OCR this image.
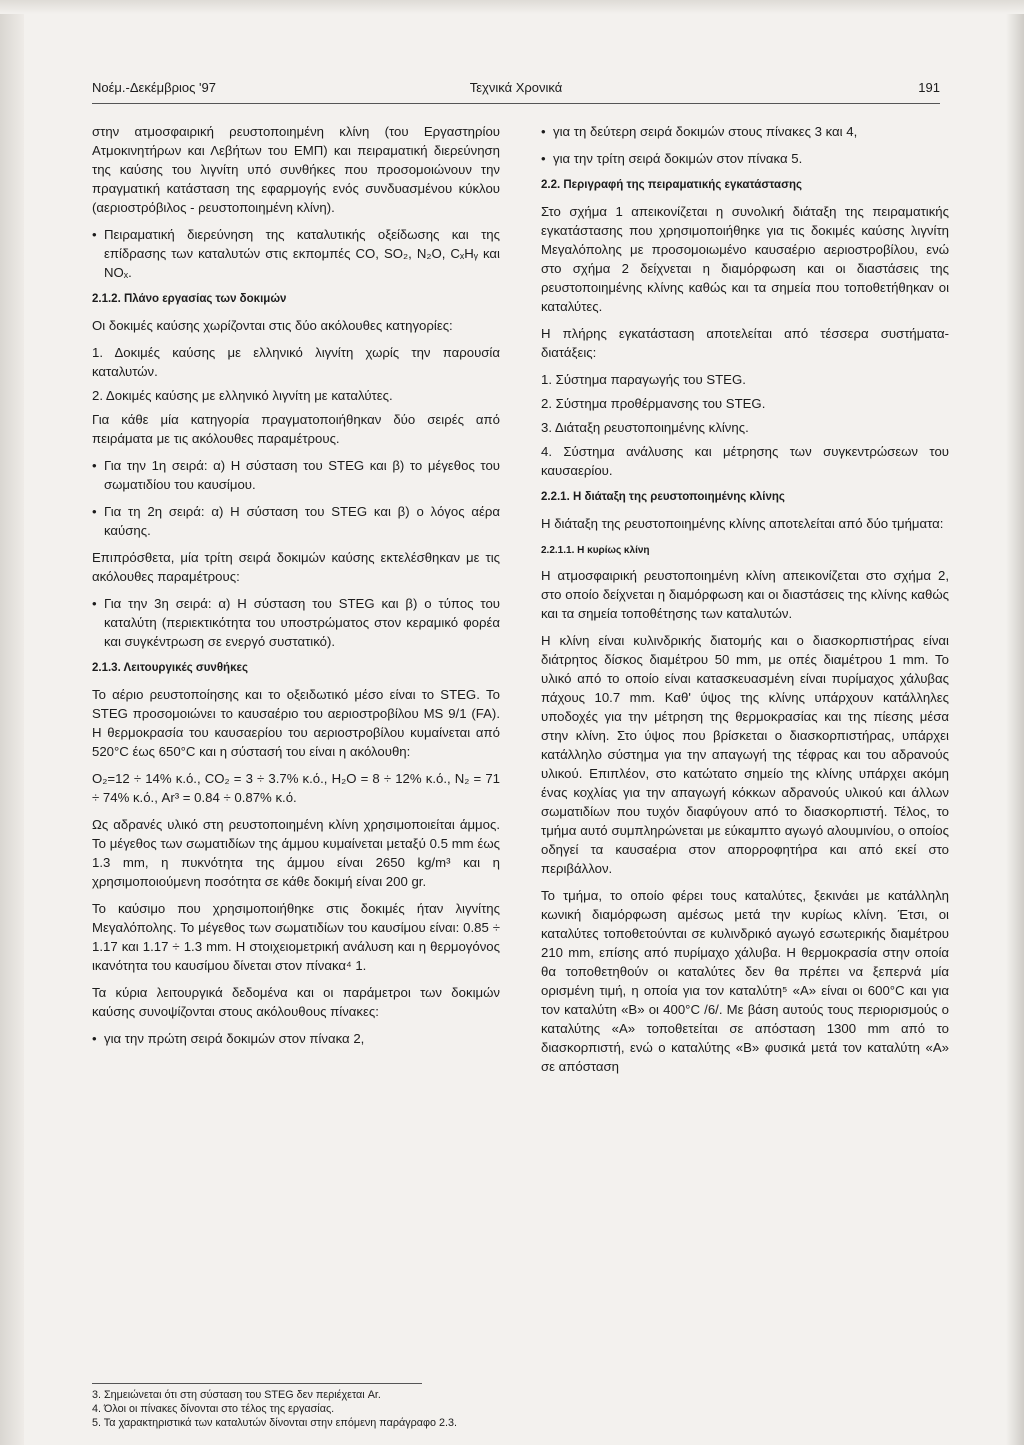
Τεχνικά Χρονικά
Νοέμ.-Δεκέμβριος '97	191

στην ατμοσφαιρική ρευστοποιημένη κλίνη (του Εργαστηρίου Ατμοκινητήρων και Λεβήτων του ΕΜΠ) και πειραματική διερεύνηση της καύσης του λιγνίτη υπό συνθήκες που προσομοιώνουν την πραγματική κατάσταση της εφαρμογής ενός συνδυασμένου κύκλου (αεριοστρόβιλος - ρευστοποιημένη κλίνη).

• Πειραματική διερεύνηση της καταλυτικής οξείδωσης και της επίδρασης των καταλυτών στις εκπομπές CO, SO₂, N₂O, CₓHᵧ και NOₓ.

2.1.2. Πλάνο εργασίας των δοκιμών

Οι δοκιμές καύσης χωρίζονται στις δύο ακόλουθες κατηγορίες:

1. Δοκιμές καύσης με ελληνικό λιγνίτη χωρίς την παρουσία καταλυτών.

2. Δοκιμές καύσης με ελληνικό λιγνίτη με καταλύτες.

Για κάθε μία κατηγορία πραγματοποιήθηκαν δύο σειρές από πειράματα με τις ακόλουθες παραμέτρους.

• Για την 1η σειρά: α) Η σύσταση του STEG και β) το μέγεθος του σωματιδίου του καυσίμου.

• Για τη 2η σειρά: α) Η σύσταση του STEG και β) ο λόγος αέρα καύσης.

Επιπρόσθετα, μία τρίτη σειρά δοκιμών καύσης εκτελέσθηκαν με τις ακόλουθες παραμέτρους:

• Για την 3η σειρά: α) Η σύσταση του STEG και β) ο τύπος του καταλύτη (περιεκτικότητα του υποστρώματος στον κεραμικό φορέα και συγκέντρωση σε ενεργό συστατικό).

2.1.3. Λειτουργικές συνθήκες

Το αέριο ρευστοποίησης και το οξειδωτικό μέσο είναι το STEG. Το STEG προσομοιώνει το καυσαέριο του αεριοστροβίλου MS 9/1 (FA). Η θερμοκρασία του καυσαερίου του αεριοστροβίλου κυμαίνεται από 520°C έως 650°C και η σύστασή του είναι η ακόλουθη:

O₂=12 ÷ 14% κ.ό., CO₂ = 3 ÷ 3.7% κ.ό., H₂O = 8 ÷ 12% κ.ό., N₂ = 71 ÷ 74% κ.ό., Ar³ = 0.84 ÷ 0.87% κ.ό.

Ως αδρανές υλικό στη ρευστοποιημένη κλίνη χρησιμοποιείται άμμος. Το μέγεθος των σωματιδίων της άμμου κυμαίνεται μεταξύ 0.5 mm έως 1.3 mm, η πυκνότητα της άμμου είναι 2650 kg/m³ και η χρησιμοποιούμενη ποσότητα σε κάθε δοκιμή είναι 200 gr.

Το καύσιμο που χρησιμοποιήθηκε στις δοκιμές ήταν λιγνίτης Μεγαλόπολης. Το μέγεθος των σωματιδίων του καυσίμου είναι: 0.85 ÷ 1.17 και 1.17 ÷ 1.3 mm. Η στοιχειομετρική ανάλυση και η θερμογόνος ικανότητα του καυσίμου δίνεται στον πίνακα⁴ 1.

Τα κύρια λειτουργικά δεδομένα και οι παράμετροι των δοκιμών καύσης συνοψίζονται στους ακόλουθους πίνακες:

• για την πρώτη σειρά δοκιμών στον πίνακα 2,

• για τη δεύτερη σειρά δοκιμών στους πίνακες 3 και 4,

• για την τρίτη σειρά δοκιμών στον πίνακα 5.

2.2. Περιγραφή της πειραματικής εγκατάστασης

Στο σχήμα 1 απεικονίζεται η συνολική διάταξη της πειραματικής εγκατάστασης που χρησιμοποιήθηκε για τις δοκιμές καύσης λιγνίτη Μεγαλόπολης με προσομοιωμένο καυσαέριο αεριοστροβίλου, ενώ στο σχήμα 2 δείχνεται η διαμόρφωση και οι διαστάσεις της ρευστοποιημένης κλίνης καθώς και τα σημεία που τοποθετήθηκαν οι καταλύτες.

Η πλήρης εγκατάσταση αποτελείται από τέσσερα συστήματα-διατάξεις:

1. Σύστημα παραγωγής του STEG.

2. Σύστημα προθέρμανσης του STEG.

3. Διάταξη ρευστοποιημένης κλίνης.

4. Σύστημα ανάλυσης και μέτρησης των συγκεντρώσεων του καυσαερίου.

2.2.1. Η διάταξη της ρευστοποιημένης κλίνης

Η διάταξη της ρευστοποιημένης κλίνης αποτελείται από δύο τμήματα:

2.2.1.1. Η κυρίως κλίνη

Η ατμοσφαιρική ρευστοποιημένη κλίνη απεικονίζεται στο σχήμα 2, στο οποίο δείχνεται η διαμόρφωση και οι διαστάσεις της κλίνης καθώς και τα σημεία τοποθέτησης των καταλυτών.

Η κλίνη είναι κυλινδρικής διατομής και ο διασκορπιστήρας είναι διάτρητος δίσκος διαμέτρου 50 mm, με οπές διαμέτρου 1 mm. Το υλικό από το οποίο είναι κατασκευασμένη είναι πυρίμαχος χάλυβας πάχους 10.7 mm. Καθ' ύψος της κλίνης υπάρχουν κατάλληλες υποδοχές για την μέτρηση της θερμοκρασίας και της πίεσης μέσα στην κλίνη. Στο ύψος που βρίσκεται ο διασκορπιστήρας, υπάρχει κατάλληλο σύστημα για την απαγωγή της τέφρας και του αδρανούς υλικού. Επιπλέον, στο κατώτατο σημείο της κλίνης υπάρχει ακόμη ένας κοχλίας για την απαγωγή κόκκων αδρανούς υλικού και άλλων σωματιδίων που τυχόν διαφύγουν από το διασκορπιστή. Τέλος, το τμήμα αυτό συμπληρώνεται με εύκαμπτο αγωγό αλουμινίου, ο οποίος οδηγεί τα καυσαέρια στον απορροφητήρα και από εκεί στο περιβάλλον.

Το τμήμα, το οποίο φέρει τους καταλύτες, ξεκινάει με κατάλληλη κωνική διαμόρφωση αμέσως μετά την κυρίως κλίνη. Έτσι, οι καταλύτες τοποθετούνται σε κυλινδρικό αγωγό εσωτερικής διαμέτρου 210 mm, επίσης από πυρίμαχο χάλυβα. Η θερμοκρασία στην οποία θα τοποθετηθούν οι καταλύτες δεν θα πρέπει να ξεπερνά μία ορισμένη τιμή, η οποία για τον καταλύτη⁵ «Α» είναι οι 600°C και για τον καταλύτη «Β» οι 400°C /6/. Με βάση αυτούς τους περιορισμούς ο καταλύτης «Α» τοποθετείται σε απόσταση 1300 mm από το διασκορπιστή, ενώ ο καταλύτης «Β» φυσικά μετά τον καταλύτη «Α» σε απόσταση

3. Σημειώνεται ότι στη σύσταση του STEG δεν περιέχεται Ar.
4. Όλοι οι πίνακες δίνονται στο τέλος της εργασίας.
5. Τα χαρακτηριστικά των καταλυτών δίνονται στην επόμενη παράγραφο 2.3.
